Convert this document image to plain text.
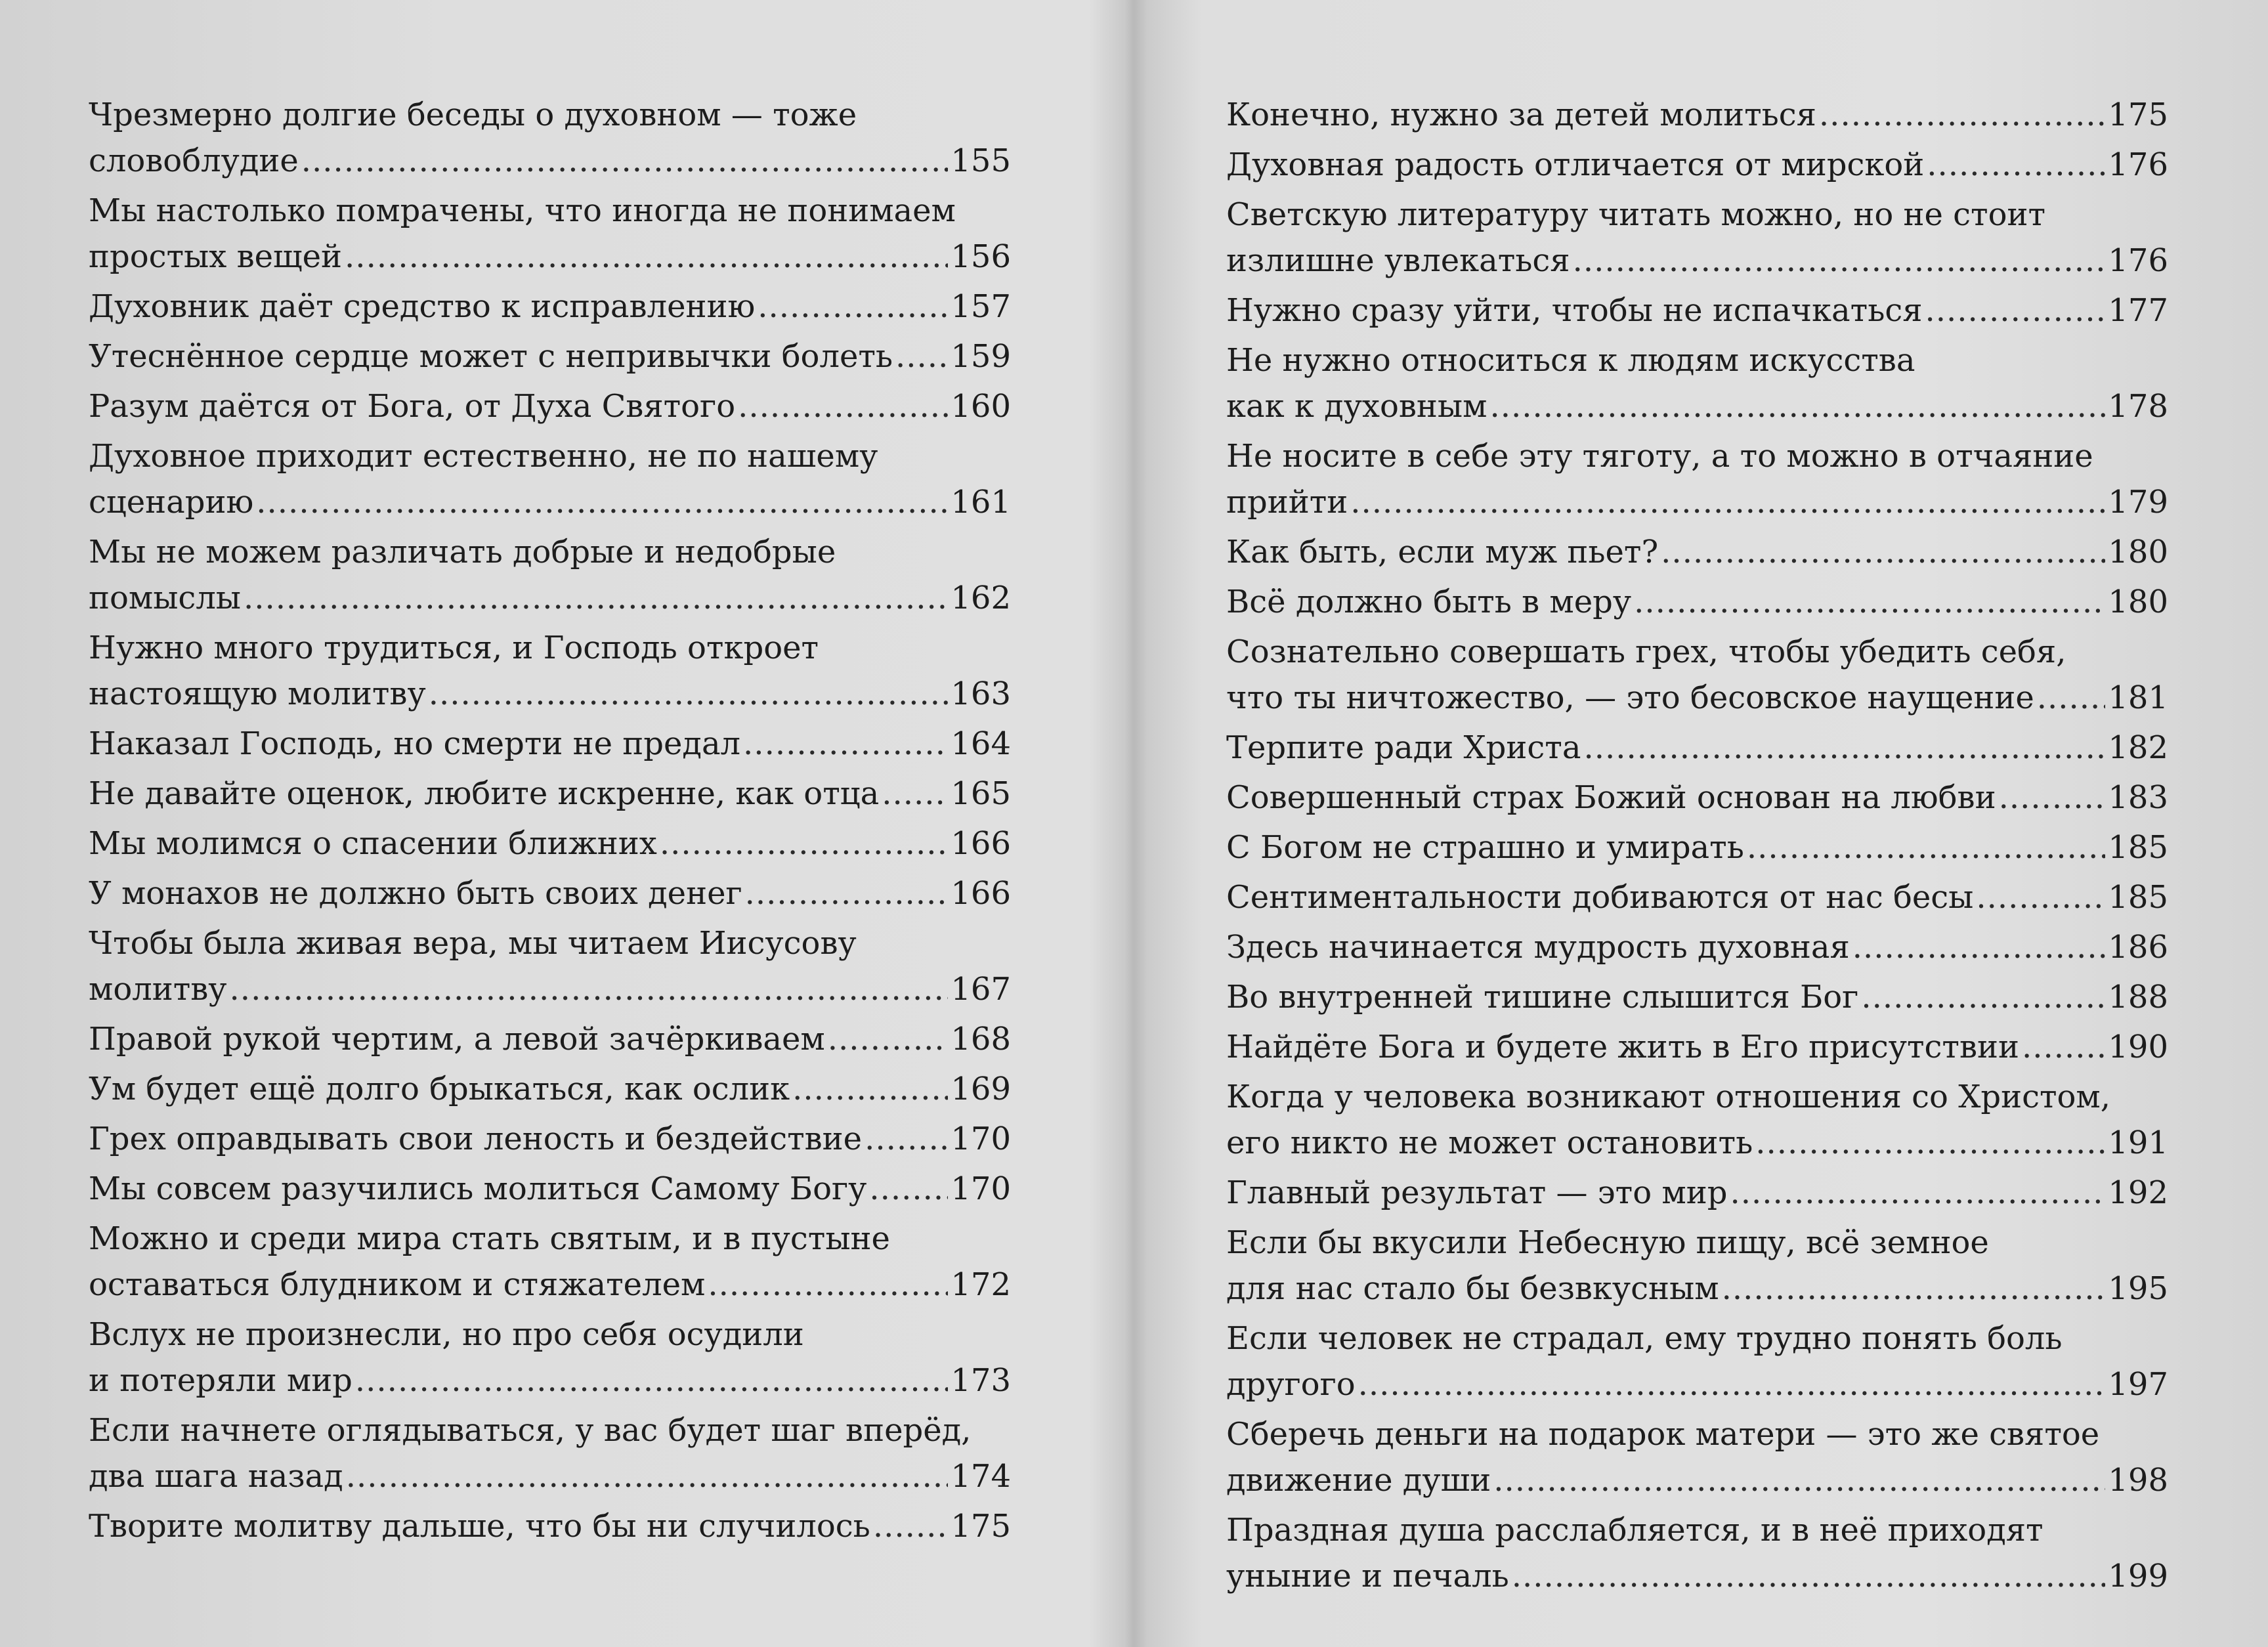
Чрезмерно долгие беседы о духовном — тоже
словоблудие .....	155
Мы настолько помрачены, что иногда не понимаем
простых вещей .....	156
Духовник даёт средство к исправлению .....	157
Утеснённое сердце может с непривычки болеть ..... 159
Разум даётся от Бога, от Духа Святого .....	160
Духовное приходит естественно, не по нашему
сценарию .....	161
Мы не можем различать добрые и недобрые
помыслы .....	162
Нужно много трудиться, и Господь откроет
настоящую молитву .....	163
Наказал Господь, но смерти не предал .....	164
Не давайте оценок, любите искренне, как отца ..... 165
Мы молимся о спасении ближних .....	166
У монахов не должно быть своих денег .....	166
Чтобы была живая вера, мы читаем Иисусову
молитву .....	167
Правой рукой чертим, а левой зачёркиваем .....	168
Ум будет ещё долго брыкаться, как ослик .....	169
Грех оправдывать свои леность и бездействие .....	170
Мы совсем разучились молиться Самому Богу .....	170
Можно и среди мира стать святым, и в пустыне
оставаться блудником и стяжателем .....	172
Вслух не произнесли, но про себя осудили
и потеряли мир .....	173
Если начнете оглядываться, у вас будет шаг вперёд,
два шага назад .....	174
Творите молитву дальше, что бы ни случилось .....	175
Конечно, нужно за детей молиться .....	175
Духовная радость отличается от мирской .....	176
Светскую литературу читать можно, но не стоит
излишне увлекаться .....	176
Нужно сразу уйти, чтобы не испачкаться .....	177
Не нужно относиться к людям искусства
как к духовным .....	178
Не носите в себе эту тяготу, а то можно в отчаяние
прийти .....	179
Как быть, если муж пьет? .....	180
Всё должно быть в меру .....	180
Сознательно совершать грех, чтобы убедить себя,
что ты ничтожество, — это бесовское наущение ..... 181
Терпите ради Христа .....	182
Совершенный страх Божий основан на любви .....	183
С Богом не страшно и умирать .....	185
Сентиментальности добиваются от нас бесы .....	185
Здесь начинается мудрость духовная .....	186
Во внутренней тишине слышится Бог .....	188
Найдёте Бога и будете жить в Его присутствии .....	190
Когда у человека возникают отношения со Христом,
его никто не может остановить .....	191
Главный результат — это мир .....	192
Если бы вкусили Небесную пищу, всё земное
для нас стало бы безвкусным .....	195
Если человек не страдал, ему трудно понять боль
другого .....	197
Сберечь деньги на подарок матери — это же святое
движение души .....	198
Праздная душа расслабляется, и в неё приходят
уныние и печаль .....	199
